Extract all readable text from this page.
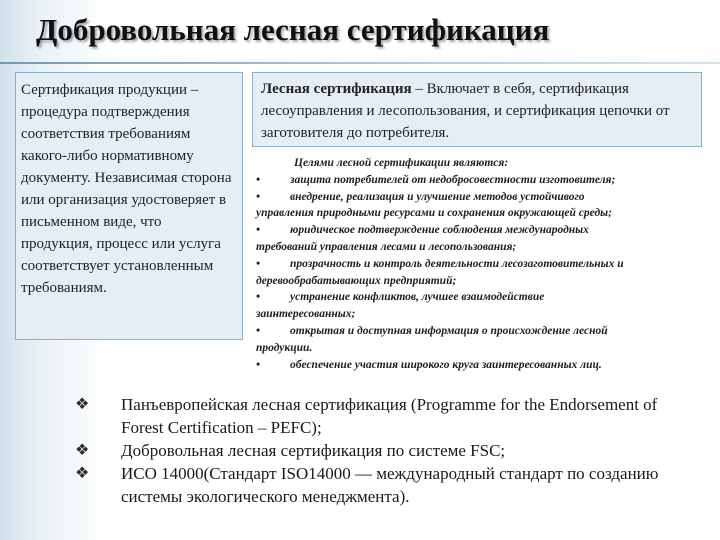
Добровольная лесная сертификация
Сертификация продукции – процедура подтверждения соответствия требованиям какого-либо нормативному документу. Независимая сторона или организация удостоверяет в письменном виде, что продукция, процесс или услуга соответствует установленным требованиям.
Лесная сертификация – Включает в себя, сертификация лесоуправления и лесопользования, и сертификация цепочки от заготовителя до потребителя.
Целями лесной сертификации являются:
•	защита потребителей от недобросовестности изготовителя;
•	внедрение, реализация и улучшение методов устойчивого
управления природными ресурсами и сохранения окружающей среды;
•	юридическое подтверждение соблюдения международных
требований управления лесами и лесопользования;
•	прозрачность и контроль деятельности лесозаготовительных и
деревообрабатывающих предприятий;
•	устранение конфликтов, лучшее взаимодействие
заинтересованных;
•	открытая и доступная информация о происхождение лесной
продукции.
•	обеспечение участия широкого круга заинтересованных лиц.
❖	Панъевропейская лесная сертификация (Programme for the Endorsement of Forest Certification – PEFC);
❖	Добровольная лесная сертификация по системе FSC;
❖	ИСО 14000(Стандарт ISO14000 — международный стандарт по созданию системы экологического менеджмента).
